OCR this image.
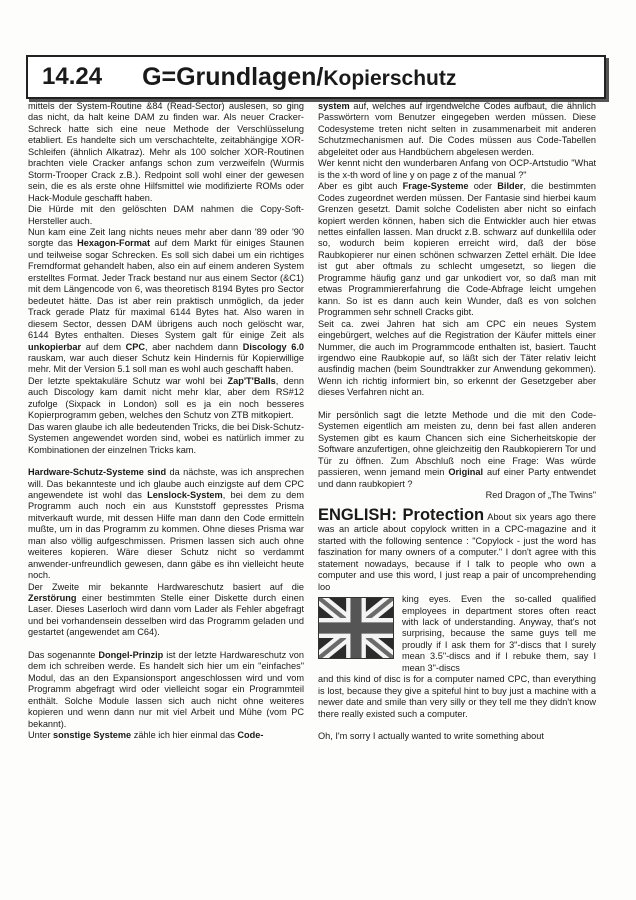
14.24 G=Grundlagen/Kopierschutz

mittels der System-Routine &84 (Read-Sector) auslesen, so ging das nicht, da halt keine DAM zu finden war. Als neuer Cracker-Schreck hatte sich eine neue Methode der Verschlüsselung etabliert. Es handelte sich um verschachtelte, zeitabhängige XOR-Schleifen (ähnlich Alkatraz). Mehr als 100 solcher XOR-Routinen brachten viele Cracker anfangs schon zum verzweifeln (Wurmis Storm-Trooper Crack z.B.). Redpoint soll wohl einer der gewesen sein, die es als erste ohne Hilfsmittel wie modifizierte ROMs oder Hack-Module geschafft haben.

Die Hürde mit den gelöschten DAM nahmen die Copy-Soft-Hersteller auch.

Nun kam eine Zeit lang nichts neues mehr aber dann '89 oder '90 sorgte das Hexagon-Format auf dem Markt für einiges Staunen und teilweise sogar Schrecken. Es soll sich dabei um ein richtiges Fremdformat gehandelt haben, also ein auf einem anderen System erstelltes Format. Jeder Track bestand nur aus einem Sector (&C1) mit dem Längencode von 6, was theoretisch 8194 Bytes pro Sector bedeutet hätte. Das ist aber rein praktisch unmöglich, da jeder Track gerade Platz für maximal 6144 Bytes hat. Also waren in diesem Sector, dessen DAM übrigens auch noch gelöscht war, 6144 Bytes enthalten. Dieses System galt für einige Zeit als unkopierbar auf dem CPC, aber nachdem dann Discology 6.0 rauskam, war auch dieser Schutz kein Hindernis für Kopierwillige mehr. Mit der Version 5.1 soll man es wohl auch geschafft haben.

Der letzte spektakuläre Schutz war wohl bei Zap'T'Balls, denn auch Discology kam damit nicht mehr klar, aber dem RS#12 zufolge (Sixpack in London) soll es ja ein noch besseres Kopierprogramm geben, welches den Schutz von ZTB mitkopiert.

Das waren glaube ich alle bedeutenden Tricks, die bei Disk-Schutz-Systemen angewendet worden sind, wobei es natürlich immer zu Kombinationen der einzelnen Tricks kam.

Hardware-Schutz-Systeme sind da nächste, was ich ansprechen will. Das bekannteste und ich glaube auch einzigste auf dem CPC angewendete ist wohl das Lenslock-System, bei dem zu dem Programm auch noch ein aus Kunststoff gepresstes Prisma mitverkauft wurde, mit dessen Hilfe man dann den Code ermitteln mußte, um in das Programm zu kommen. Ohne dieses Prisma war man also völlig aufgeschmissen. Prismen lassen sich auch ohne weiteres kopieren. Wäre dieser Schutz nicht so verdammt anwender-unfreundlich gewesen, dann gäbe es ihn vielleicht heute noch.

Der Zweite mir bekannte Hardwareschutz basiert auf die Zerstörung einer bestimmten Stelle einer Diskette durch einen Laser. Dieses Laserloch wird dann vom Lader als Fehler abgefragt und bei vorhandensein desselben wird das Programm geladen und gestartet (angewendet am C64).

Das sogenannte Dongel-Prinzip ist der letzte Hardwareschutz von dem ich schreiben werde. Es handelt sich hier um ein "einfaches" Modul, das an den Expansionsport angeschlossen wird und vom Programm abgefragt wird oder vielleicht sogar ein Programmteil enthält. Solche Module lassen sich auch nicht ohne weiteres kopieren und wenn dann nur mit viel Arbeit und Mühe (vom PC bekannt).

Unter sonstige Systeme zähle ich hier einmal das Code-

system auf, welches auf irgendwelche Codes aufbaut, die ähnlich Passwörtern vom Benutzer eingegeben werden müssen. Diese Codesysteme treten nicht selten in zusammenarbeit mit anderen Schutzmechanismen auf. Die Codes müssen aus Code-Tabellen abgeleitet oder aus Handbüchern abgelesen werden.

Wer kennt nicht den wunderbaren Anfang von OCP-Artstudio "What is the x-th word of line y on page z of the manual ?"

Aber es gibt auch Frage-Systeme oder Bilder, die bestimmten Codes zugeordnet werden müssen. Der Fantasie sind hierbei kaum Grenzen gesetzt. Damit solche Codelisten aber nicht so einfach kopiert werden können, haben sich die Entwickler auch hier etwas nettes einfallen lassen. Man druckt z.B. schwarz auf dunkellila oder so, wodurch beim kopieren erreicht wird, daß der böse Raubkopierer nur einen schönen schwarzen Zettel erhält. Die Idee ist gut aber oftmals zu schlecht umgesetzt, so liegen die Programme häufig ganz und gar unkodiert vor, so daß man mit etwas Programmiererfahrung die Code-Abfrage leicht umgehen kann. So ist es dann auch kein Wunder, daß es von solchen Programmen sehr schnell Cracks gibt.

Seit ca. zwei Jahren hat sich am CPC ein neues System eingebürgert, welches auf die Registration der Käufer mittels einer Nummer, die auch im Programmcode enthalten ist, basiert. Taucht irgendwo eine Raubkopie auf, so läßt sich der Täter relativ leicht ausfindig machen (beim Soundtrakker zur Anwendung gekommen). Wenn ich richtig informiert bin, so erkennt der Gesetzgeber aber dieses Verfahren nicht an.

Mir persönlich sagt die letzte Methode und die mit den Code-Systemen eigentlich am meisten zu, denn bei fast allen anderen Systemen gibt es kaum Chancen sich eine Sicherheitskopie der Software anzufertigen, ohne gleichzeitig den Raubkopierern Tor und Tür zu öffnen. Zum Abschluß noch eine Frage: Was würde passieren, wenn jemand mein Original auf einer Party entwendet und dann raubkopiert ?

Red Dragon of „The Twins"

ENGLISH: Protection About six years ago there was an article about copylock written in a CPC-magazine and it started with the following sentence : "Copylock - just the word has faszination for many owners of a computer." I don't agree with this statement nowadays, because if I talk to people who own a computer and use this word, I just reap a pair of uncomprehending loo

king eyes. Even the so-called qualified employees in department stores often react with lack of understanding. Anyway, that's not surprising, because the same guys tell me proudly if I ask them for 3"-discs that I surely mean 3.5"-discs and if I rebuke them, say I mean 3"-discs

and this kind of disc is for a computer named CPC, than everything is lost, because they give a spiteful hint to buy just a machine with a newer date and smile than very silly or they tell me they didn't know there really existed such a computer.

Oh, I'm sorry I actually wanted to write something about
